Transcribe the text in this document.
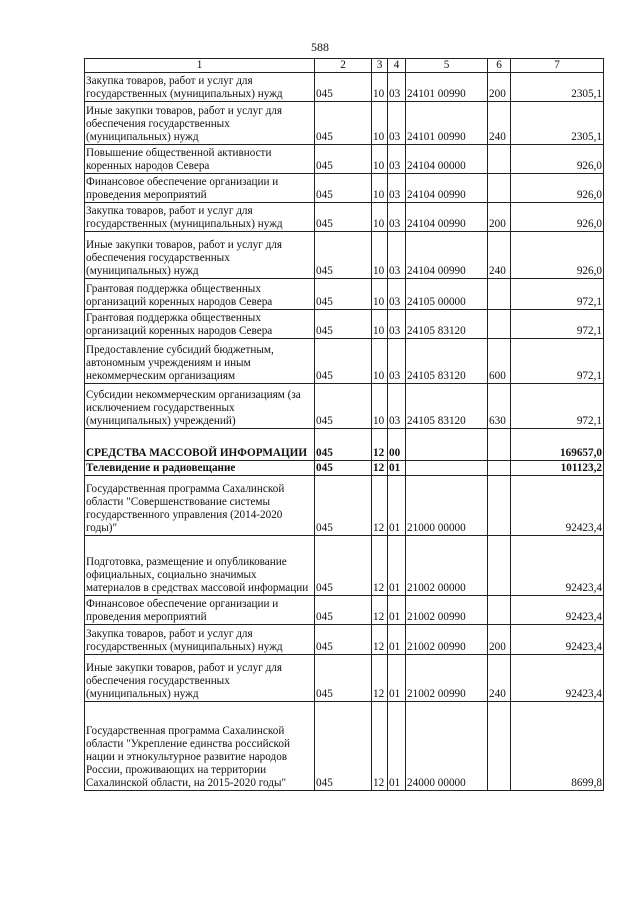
588
1	2	3	4	5	6	7
Закупка товаров, работ и услуг для государственных (муниципальных) нужд	045	10	03	24101 00990	200	2305,1
Иные закупки товаров, работ и услуг для обеспечения государственных (муниципальных) нужд	045	10	03	24101 00990	240	2305,1
Повышение общественной активности коренных народов Севера	045	10	03	24104 00000		926,0
Финансовое обеспечение организации и проведения мероприятий	045	10	03	24104 00990		926,0
Закупка товаров, работ и услуг для государственных (муниципальных) нужд	045	10	03	24104 00990	200	926,0
Иные закупки товаров, работ и услуг для обеспечения государственных (муниципальных) нужд	045	10	03	24104 00990	240	926,0
Грантовая поддержка общественных организаций коренных народов Севера	045	10	03	24105 00000		972,1
Грантовая поддержка общественных организаций коренных народов Севера	045	10	03	24105 83120		972,1
Предоставление субсидий бюджетным, автономным учреждениям и иным некоммерческим организациям	045	10	03	24105 83120	600	972,1
Субсидии некоммерческим организациям (за исключением государственных (муниципальных) учреждений)	045	10	03	24105 83120	630	972,1
СРЕДСТВА МАССОВОЙ ИНФОРМАЦИИ	045	12	00			169657,0
Телевидение и радиовещание	045	12	01			101123,2
Государственная программа Сахалинской области "Совершенствование системы государственного управления (2014-2020 годы)"	045	12	01	21000 00000		92423,4
Подготовка, размещение и опубликование официальных, социально значимых материалов в средствах массовой информации	045	12	01	21002 00000		92423,4
Финансовое обеспечение организации и проведения мероприятий	045	12	01	21002 00990		92423,4
Закупка товаров, работ и услуг для государственных (муниципальных) нужд	045	12	01	21002 00990	200	92423,4
Иные закупки товаров, работ и услуг для обеспечения государственных (муниципальных) нужд	045	12	01	21002 00990	240	92423,4
Государственная программа Сахалинской области "Укрепление единства российской нации и этнокультурное развитие народов России, проживающих на территории Сахалинской области, на 2015-2020 годы"	045	12	01	24000 00000		8699,8
